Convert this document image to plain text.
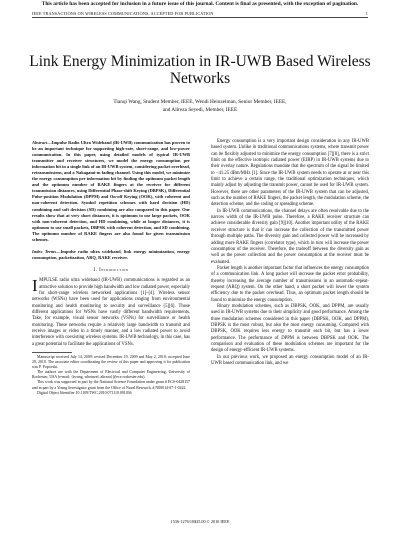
This article has been accepted for inclusion in a future issue of this journal. Content is final as presented, with the exception of pagination.
IEEE TRANSACTIONS ON WIRELESS COMMUNICATIONS, ACCEPTED FOR PUBLICATION	1
Link Energy Minimization in IR-UWB Based Wireless Networks
Tianqi Wang, Student Member, IEEE, Wendi Heinzelman, Senior Member, IEEE,
and Alireza Seyedi, Member, IEEE
Abstract—Impulse Radio Ultra Wideband (IR-UWB) communication has proven to be an important technique for supporting high-rate, short-range, and low-power communication. In this paper, using detailed models of typical IR-UWB transmitter and receiver structures, we model the energy consumption per information bit in a single link of an IR-UWB system, considering packet overhead, retransmissions, and a Nakagami-m fading channel. Using this model, we minimize the energy consumption per information bit by finding the optimum packet length and the optimum number of RAKE fingers at the receiver for different transmission distances, using Differential Phase-shift Keying (DBPSK), Differential Pulse-position Modulation (DPPM) and On-off Keying (OOK), with coherent and non-coherent detection. Symbol repetition schemes with hard decision (HD) combining and soft decision (SD) combining are also compared in this paper. Our results show that at very short distances, it is optimum to use large packets, OOK with non-coherent detection, and HD combining, while at longer distances, it is optimum to use small packets, DBPSK with coherent detection, and SD combining. The optimum number of RAKE fingers are also found for given transmission schemes.
Index Terms—Impulse radio ultra wideband, link energy minimization, energy consumption, packetization, ARQ, RAKE receiver.
I. Introduction

IMPULSE radio ultra wideband (IR-UWB) communications is regarded as an attractive solution to provide high bandwidth and low radiated power, especially for short-range wireless networked applications [1]–[4]. Wireless sensor networks (WSNs) have been used for applications ranging from environmental monitoring and health monitoring to security and surveillance [5][6]. Those different applications for WSNs have vastly different bandwidth requirements. Take, for example, visual sensor networks (VSNs) for surveillance or health monitoring. These networks require a relatively large bandwidth to transmit and receive images or video in a timely manner, and a low radiated power to avoid interference with coexisting wireless systems. IR-UWB technology, in this case, has a great potential to facilitate the applications of VSNs.

Manuscript received July 14, 2009; revised December 19, 2009 and May 2, 2010; accepted June 29, 2010. The associate editor coordinating the review of this paper and approving it for publication was P. Popovski.

The authors are with the Department of Electrical and Computer Engineering, University of Rochester, USA (e-mail: {twang, wheinzel, alireza}@ece.rochester.edu).

This work was supported in part by the National Science Foundation under grant # ECS-0428157 and in part by a Young Investigator grant from the Office of Naval Research, # N00014-07-1-0422.

Digital Object Identifier 10.1109/TWC.2010.071110.091036

Energy consumption is a very important design consideration in any IR-UWB based system. Unlike in traditional communications systems, where transmit power can be flexibly adjusted to minimize the energy consumption [7][8], there is a strict limit on the effective isotropic radiated power (EIRP) in IR-UWB systems due to their overlay nature. Regulations mandate that the spectrum of the signal be limited to −41.25 dBm/MHz [1]. Since the IR-UWB system needs to operate at or near this limit to achieve a certain range, the traditional optimization techniques, which mainly adjust by adjusting the transmit power, cannot be used for IR-UWB system. However, there are other parameters of the IR-UWB system that can be adjusted, such as the number of RAKE fingers, the packet length, the modulation scheme, the detection scheme, and the coding or spreading scheme.

In IR-UWB communications, the channel delays are often resolvable due to the narrow width of the IR-UWB pulse. Therefore, a RAKE receiver structure can achieve considerable diversity gain [9][10]. Another important utility of the RAKE receiver structure is that it can increase the collection of the transmitted power through multiple paths. The diversity gain and collected power will be increased by adding more RAKE fingers (correlator type), which in turn will increase the power consumption of the receiver. Therefore, the tradeoff between the diversity gain as well as the power collection and the power consumption at the receiver must be evaluated.

Packet length is another important factor that influences the energy consumption of a communication link. A long packet will increase the packet error probability, thereby increasing the average number of transmissions in an automatic-repeat-request (ARQ) system. On the other hand, a short packet will lower the system efficiency due to the packet overhead. Thus, an optimum packet length should be found to minimize the energy consumption.

Binary modulation schemes, such as DBPSK, OOK, and DPPM, are usually used in IR-UWB systems due to their simplicity and good performance. Among the three modulation schemes considered in this paper (DBPSK, OOK, and DPPM), DBPSK is the most robust, but also the most energy consuming. Compared with DBPSK, OOK requires less energy to transmit each bit, but has a lower performance. The performance of DPPM is between DBPSK and OOK. The comparison and evaluation of these modulation schemes are important for the design of energy-efficient IR-UWB systems.

In our previous work, we proposed an energy consumption model of an IR-UWB based communication link, and we

1536-1276/10$25.00 © 2010 IEEE
